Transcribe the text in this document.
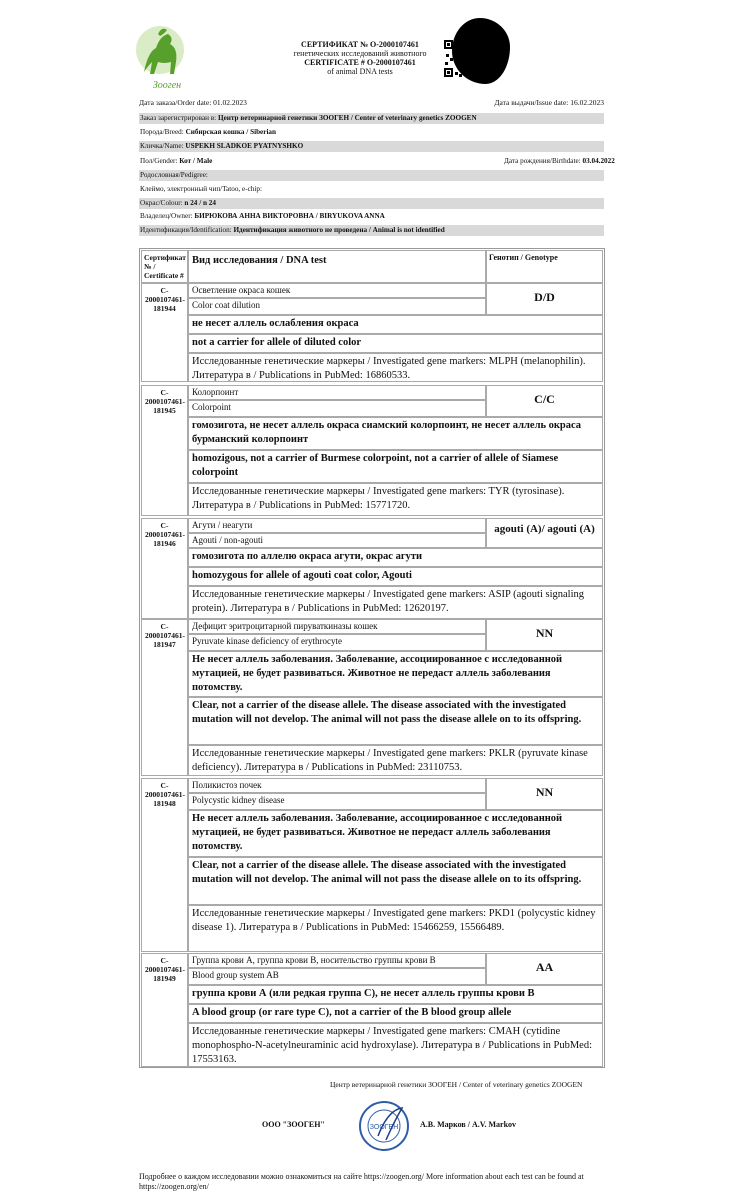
Зооген
СЕРТИФИКАТ № О-2000107461
генетических исследований животного
CERTIFICATE # O-2000107461
of animal DNA tests
Дата заказа/Order date: 01.02.2023	Дата выдачи/Issue date: 16.02.2023
Заказ зарегистрирован в: Центр ветеринарной генетики ЗООГЕН / Center of veterinary genetics ZOOGEN
Порода/Breed: Сибирская кошка / Siberian
Кличка/Name: USPEKH SLADKOE PYATNYSHKO
Пол/Gender: Кот / Male	Дата рождения/Birthdate: 03.04.2022
Родословная/Pedigree:
Клеймо, электронный чип/Tatoo, e-chip:
Окрас/Colour: n 24 / n 24
Владелец/Owner: БИРЮКОВА АННА ВИКТОРОВНА / BIRYUKOVA ANNA
Идентификация/Identification: Идентификация животного не проведена / Animal is not identified
Сертификат № / Certificate #
Вид исследования / DNA test	Генотип / Genotype
C-2000107461-181944
Осветление окраса кошек
Color coat dilution
D/D
не несет аллель ослабления окраса
not a carrier for allele of diluted color
Исследованные генетические маркеры / Investigated gene markers: MLPH (melanophilin). Литература в / Publications in PubMed: 16860533.
C-2000107461-181945
Колорпоинт
Colorpoint
C/C
гомозигота, не несет аллель окраса сиамский колорпоинт, не несет аллель окраса бурманский колорпоинт
homozigous, not a carrier of Burmese colorpoint, not a carrier of allele of Siamese colorpoint
Исследованные генетические маркеры / Investigated gene markers: TYR (tyrosinase). Литература в / Publications in PubMed: 15771720.
C-2000107461-181946
Агути / неагути
Agouti / non-agouti
agouti (A)/ agouti (A)
гомозигота по аллелю окраса агути, окрас агути
homozygous for allele of agouti coat color, Agouti
Исследованные генетические маркеры / Investigated gene markers: ASIP (agouti signaling protein). Литература в / Publications in PubMed: 12620197.
C-2000107461-181947
Дефицит эритроцитарной пируваткиназы кошек
Pyruvate kinase deficiency of erythrocyte
NN
Не несет аллель заболевания. Заболевание, ассоциированное с исследованной мутацией, не будет развиваться. Животное не передаст аллель заболевания потомству.
Clear, not a carrier of the disease allele. The disease associated with the investigated mutation will not develop. The animal will not pass the disease allele on to its offspring.
Исследованные генетические маркеры / Investigated gene markers: PKLR (pyruvate kinase deficiency). Литература в / Publications in PubMed: 23110753.
C-2000107461-181948
Поликистоз почек
Polycystic kidney disease
NN
Не несет аллель заболевания. Заболевание, ассоциированное с исследованной мутацией, не будет развиваться. Животное не передаст аллель заболевания потомству.
Clear, not a carrier of the disease allele. The disease associated with the investigated mutation will not develop. The animal will not pass the disease allele on to its offspring.
Исследованные генетические маркеры / Investigated gene markers: PKD1 (polycystic kidney disease 1). Литература в / Publications in PubMed: 15466259, 15566489.
C-2000107461-181949
Группа крови А, группа крови В, носительство группы крови В
Blood group system AB
AA
группа крови А (или редкая группа С), не несет аллель группы крови В
A blood group (or rare type C), not a carrier of the B blood group allele
Исследованные генетические маркеры / Investigated gene markers: CMAH (cytidine monophospho-N-acetylneuraminic acid hydroxylase). Литература в / Publications in PubMed: 17553163.
Центр ветеринарной генетики ЗООГЕН / Center of veterinary genetics ZOOGEN
ООО "ЗООГЕН"	ЗООГЕН	А.В. Марков / A.V. Markov
Подробнее о каждом исследовании можно ознакомиться на сайте https://zoogen.org/ More information about each test can be found at https://zoogen.org/en/
